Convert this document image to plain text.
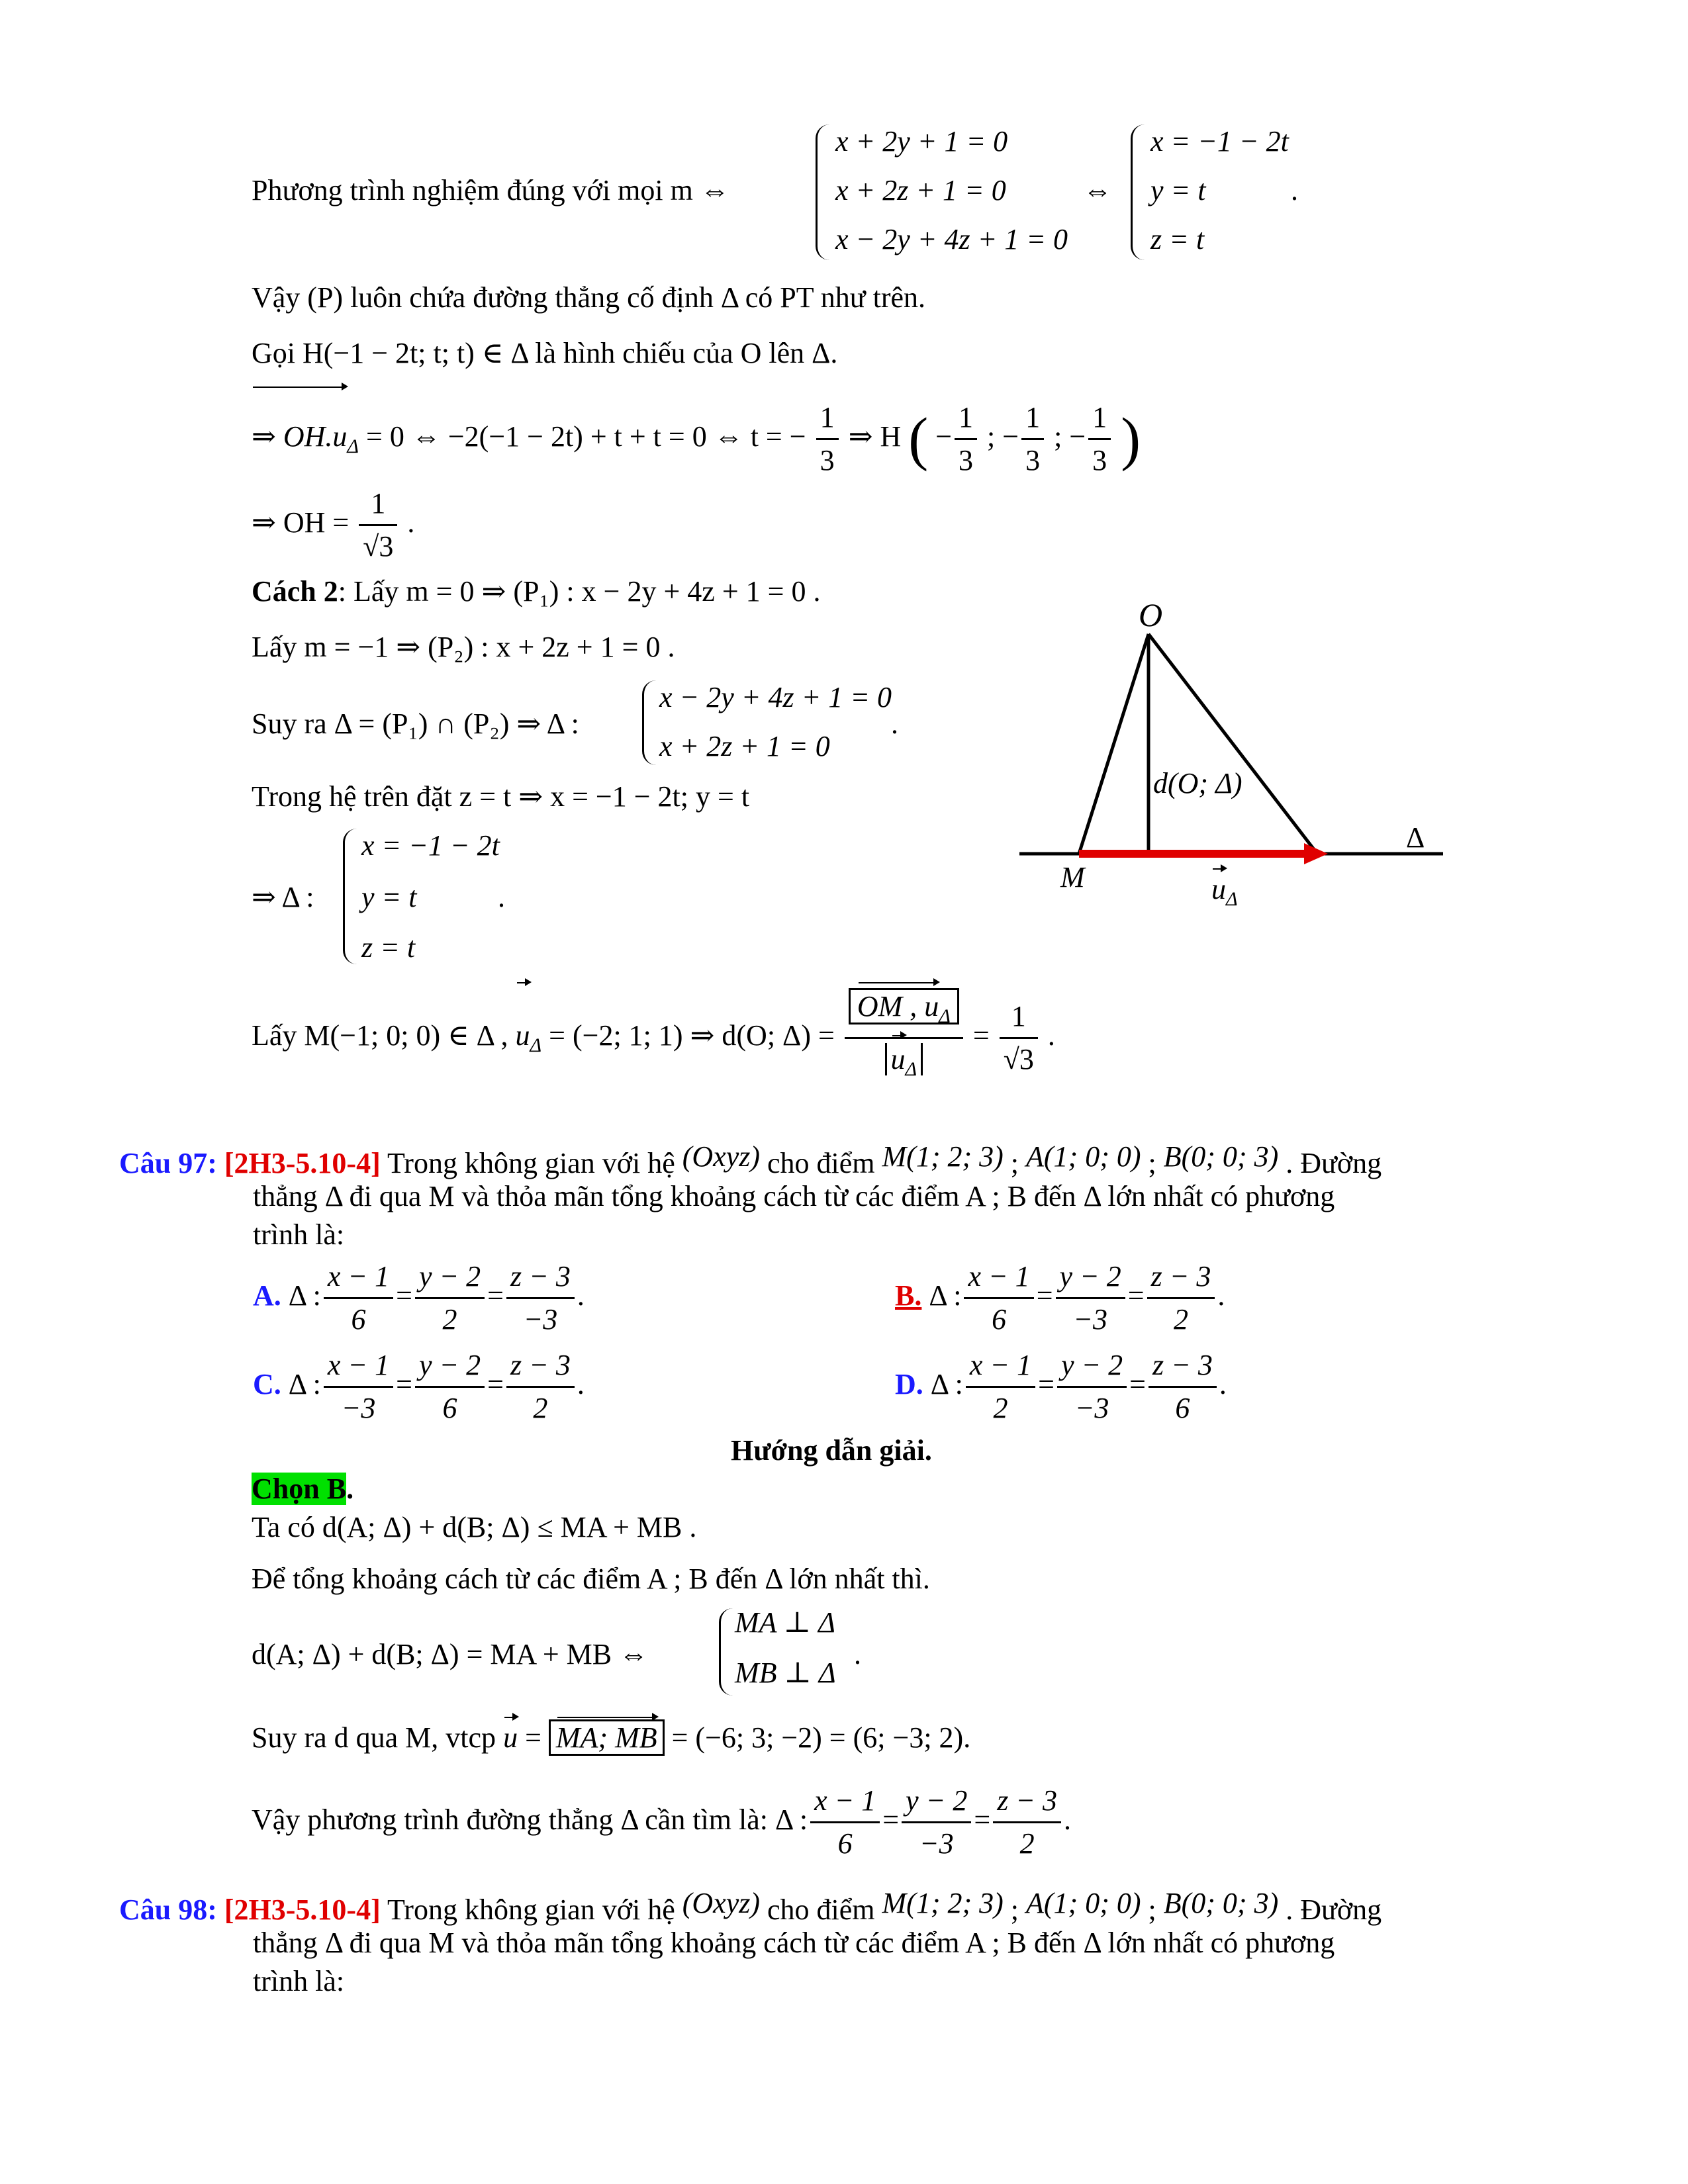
Phương trình nghiệm đúng với mọi m ⇔
x + 2y + 1 = 0
x + 2z + 1 = 0
x − 2y + 4z + 1 = 0
⇔
x = −1 − 2t
y = t
z = t
.
Vậy (P) luôn chứa đường thẳng cố định Δ có PT như trên.
Gọi H(−1 − 2t; t; t) ∈ Δ là hình chiếu của O lên Δ.
⇒ $OH.u_\Delta = 0$ ⇔ −2(−1 − 2t) + t + t = 0 ⇔ t = − $\frac{1}{3}$ ⇒ H ( − $\frac{1}{3}$ ; − $\frac{1}{3}$ ; − $\frac{1}{3}$ )
⇒ OH = $\frac{1}{√3}$ .
Cách 2: Lấy m = 0 ⇒ (P₁) : x − 2y + 4z + 1 = 0 .
Lấy m = −1 ⇒ (P₂) : x + 2z + 1 = 0 .
Suy ra Δ = (P₁) ∩ (P₂) ⇒ Δ :
x − 2y + 4z + 1 = 0
x + 2z + 1 = 0
.
Trong hệ trên đặt z = t ⇒ x = −1 − 2t; y = t
⇒ Δ :
x = −1 − 2t
y = t
z = t
.
Lấy M(−1; 0; 0) ∈ Δ , $u_\Delta = (-2$; 1; 1) ⇒ d(O; $\Delta) = \frac{OM , u_\Delta}{u_\Delta} = \frac{1}{√3}$ .
O
M
Δ
d(O; Δ)
$u_\Delta$
Câu 97: [2H3-5.10-4] Trong không gian với hệ (Oxyz) cho điểm M(1; 2; 3) ; A(1; 0; 0) ; B(0; 0; 3) . Đường
thẳng Δ đi qua M và thỏa mãn tổng khoảng cách từ các điểm A ; B đến Δ lớn nhất có phương
trình là:
A. Δ : $\frac{x - 1}{6} = \frac{y - 2}{2} = \frac{z - 3}{-3}$ .	B. Δ : $\frac{x - 1}{6} = \frac{y - 2}{-3} = \frac{z - 3}{2}$ .
C. Δ : $\frac{x - 1}{-3} = \frac{y - 2}{6} = \frac{z - 3}{2}$ .	D. Δ : $\frac{x - 1}{2} = \frac{y - 2}{-3} = \frac{z - 3}{6}$ .
Hướng dẫn giải.
Chọn B.
Ta có d(A; Δ) + d(B; Δ) ≤ MA + MB .
Để tổng khoảng cách từ các điểm A ; B đến Δ lớn nhất thì.
d(A; Δ) + d(B; Δ) = MA + MB ⇔
MA ⊥ Δ
MB ⊥ Δ
.
Suy ra d qua M, vtcp u = MA; MB = (−6; 3; −2) = (6; −3; 2).
Vậy phương trình đường thẳng Δ cần tìm là: Δ : $\frac{x - 1}{6} = \frac{y - 2}{-3} = \frac{z - 3}{2}$ .
Câu 98: [2H3-5.10-4] Trong không gian với hệ (Oxyz) cho điểm M(1; 2; 3) ; A(1; 0; 0) ; B(0; 0; 3) . Đường
thẳng Δ đi qua M và thỏa mãn tổng khoảng cách từ các điểm A ; B đến Δ lớn nhất có phương
trình là:
